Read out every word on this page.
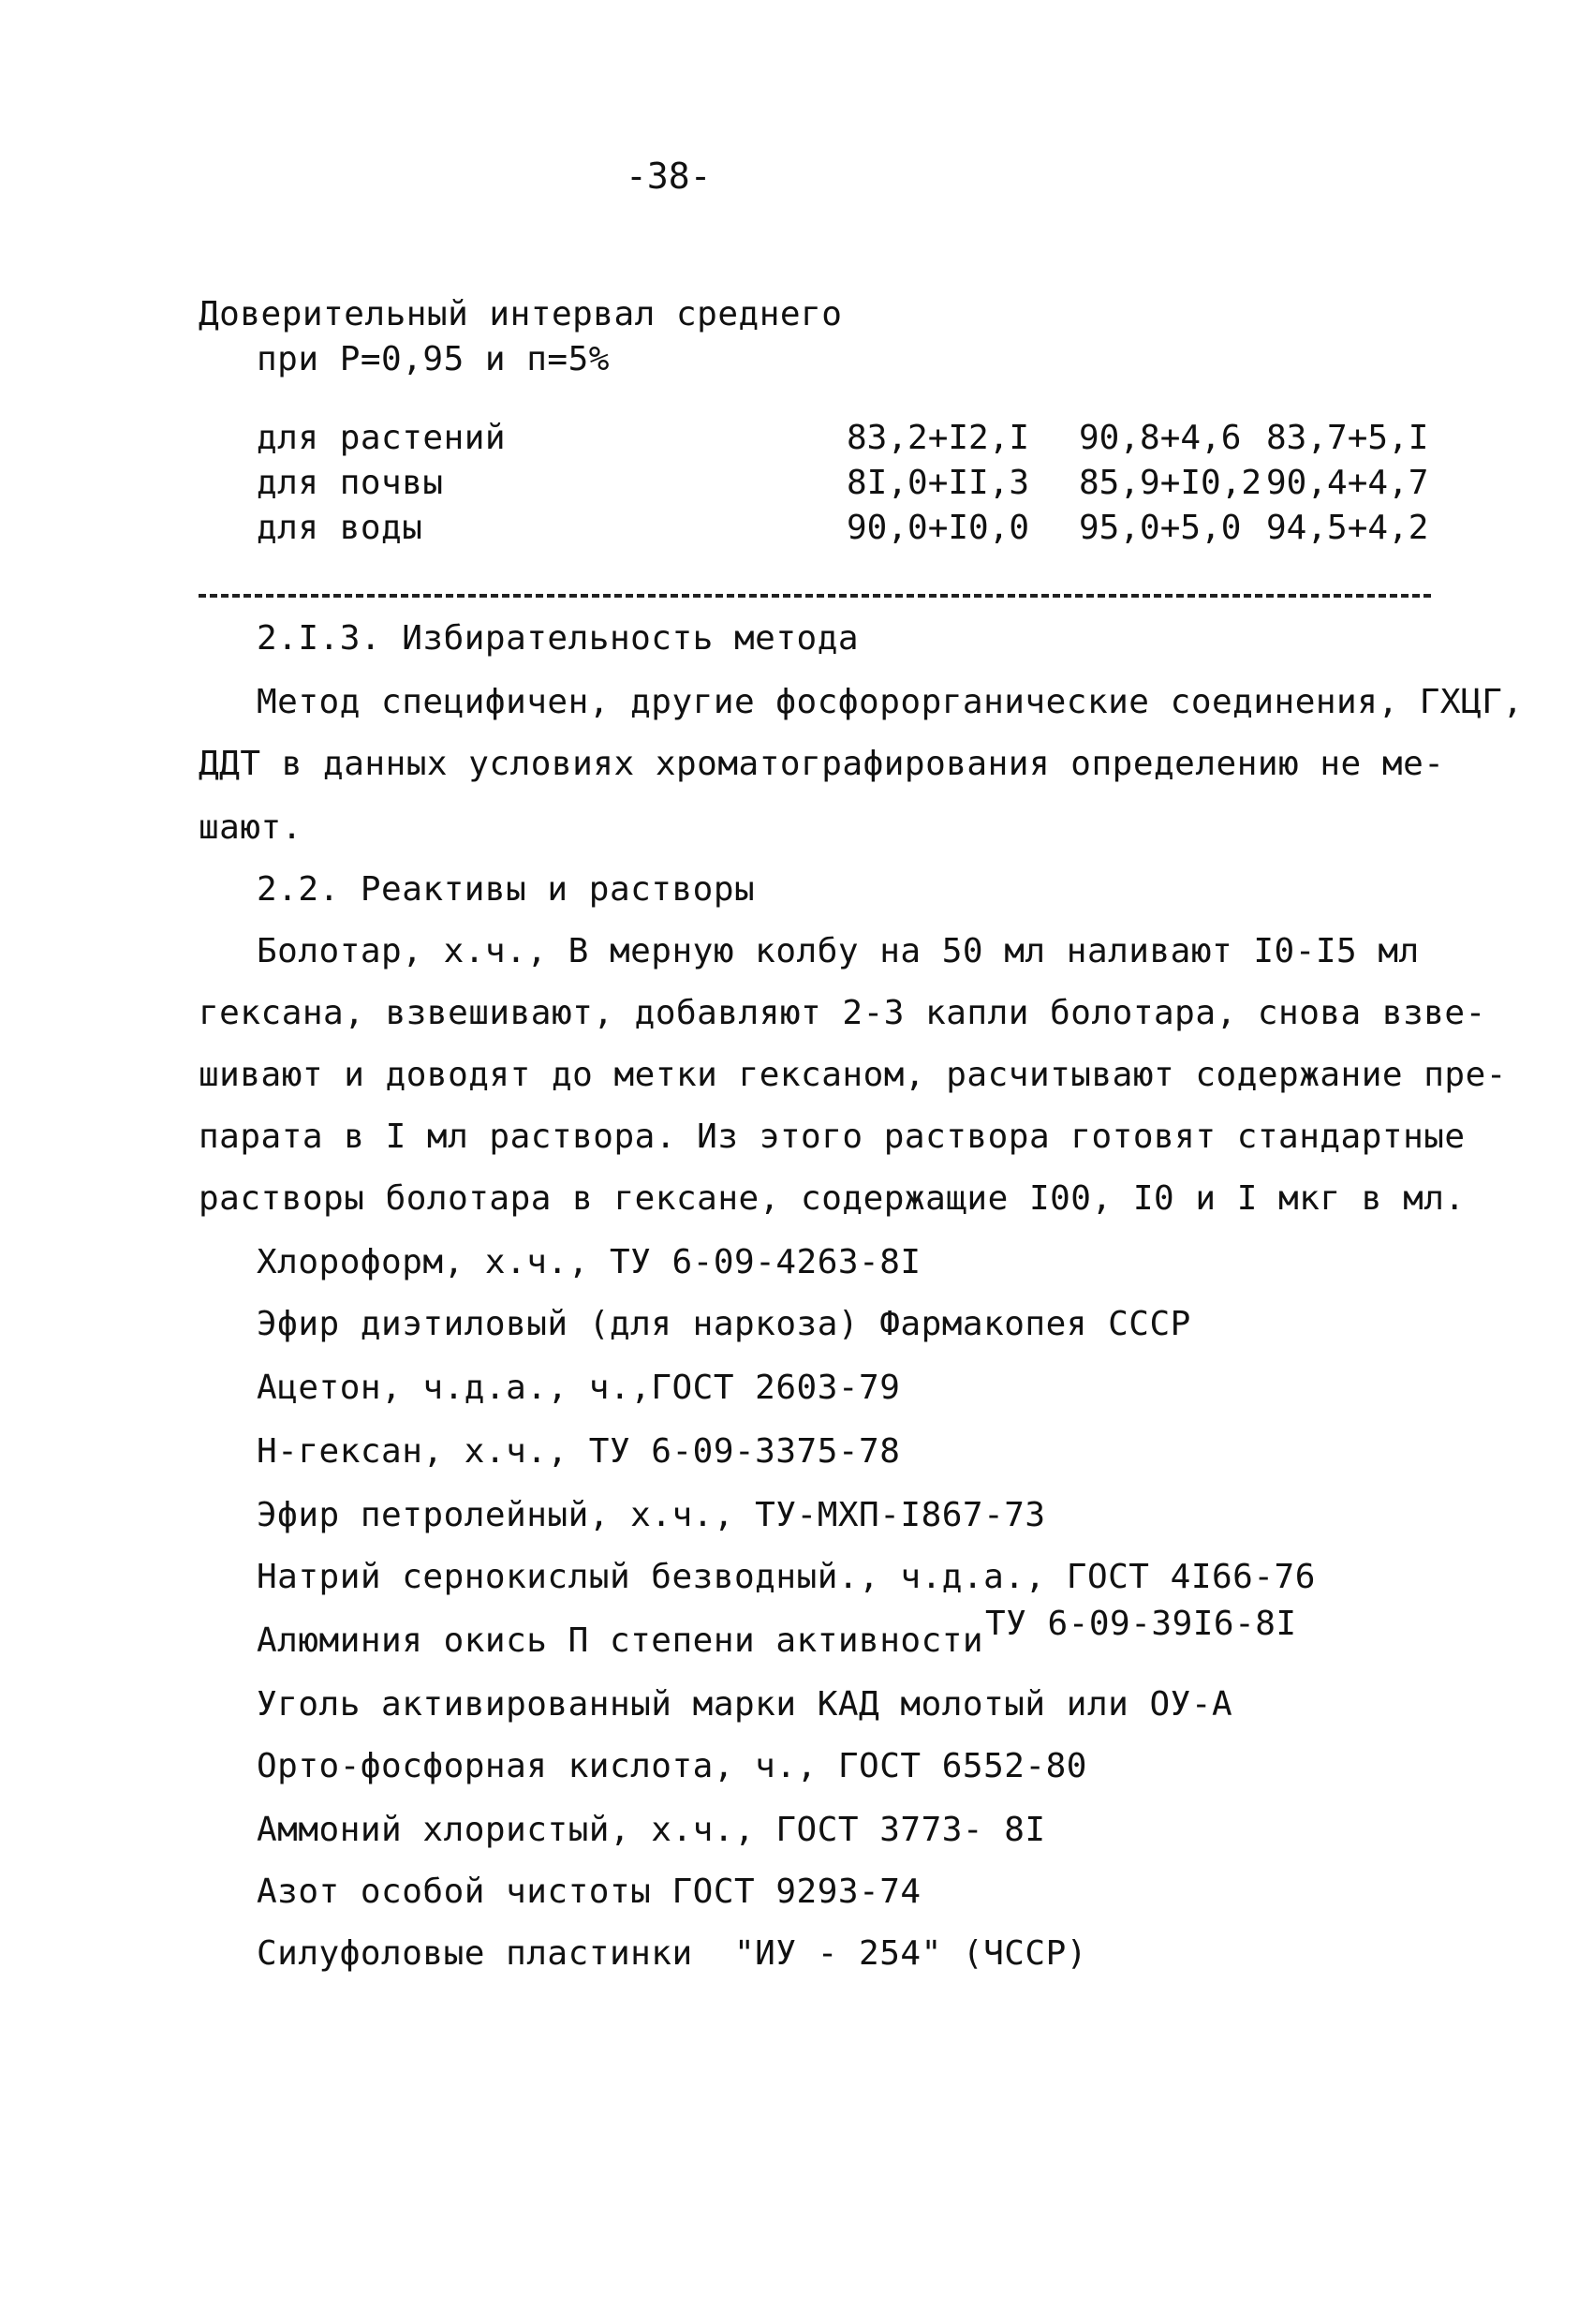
-38-
Доверительный интервал среднего
при Р=0,95 и п=5%
для растений	83,2+I2,I 90,8+4,6 83,7+5,I
для почвы	8I,0+II,3 85,9+I0,2 90,4+4,7
для воды	90,0+I0,0 95,0+5,0 94,5+4,2
2.I.3. Избирательность метода
Метод специфичен, другие фосфорорганические соединения, ГХЦГ,
ДДТ в данных условиях хроматографирования определению не ме-
шают.
2.2. Реактивы и растворы
Болотар, х.ч., В мерную колбу на 50 мл наливают I0-I5 мл
гексана, взвешивают, добавляют 2-3 капли болотара, снова взве-
шивают и доводят до метки гексаном, расчитывают содержание пре-
парата в I мл раствора. Из этого раствора готовят стандартные
растворы болотара в гексане, содержащие I00, I0 и I мкг в мл.
Хлороформ, х.ч., ТУ 6-09-4263-8I
Эфир диэтиловый (для наркоза) Фармакопея СССР
Ацетон, ч.д.а., ч.,ГОСТ 2603-79
Н-гексан, х.ч., ТУ 6-09-3375-78
Эфир петролейный, х.ч., ТУ-МХП-I867-73
Натрий сернокислый безводный., ч.д.а., ГОСТ 4I66-76
Алюминия окись П степени активности ТУ 6-09-39I6-8I
Уголь активированный марки КАД молотый или ОУ-А
Орто-фосфорная кислота, ч., ГОСТ 6552-80
Аммоний хлористый, х.ч., ГОСТ 3773- 8I
Азот особой чистоты ГОСТ 9293-74
Силуфоловые пластинки  "ИУ - 254" (ЧССР)
